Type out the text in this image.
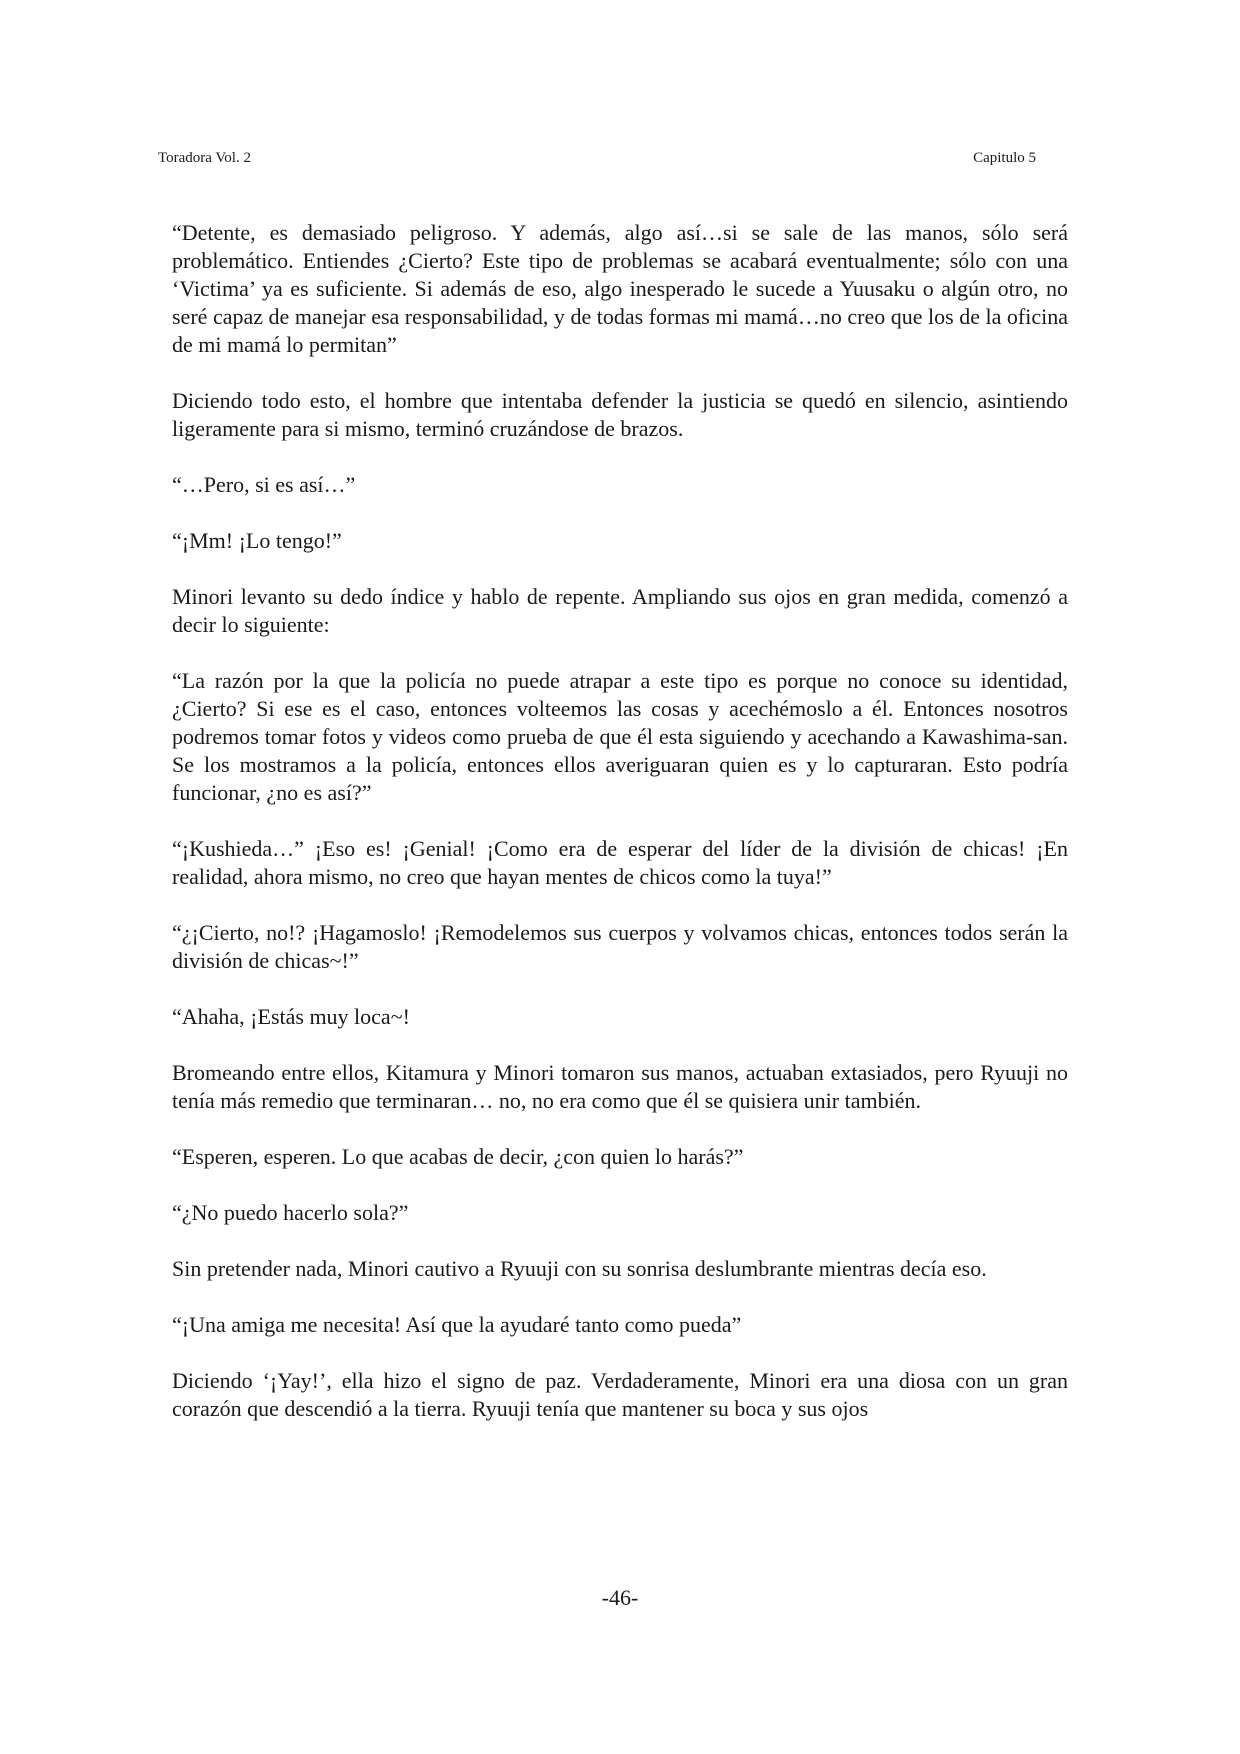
Toradora Vol. 2	Capitulo 5

“Detente, es demasiado peligroso. Y además, algo así…si se sale de las manos, sólo será problemático. Entiendes ¿Cierto? Este tipo de problemas se acabará eventualmente; sólo con una ‘Victima’ ya es suficiente. Si además de eso, algo inesperado le sucede a Yuusaku o algún otro, no seré capaz de manejar esa responsabilidad, y de todas formas mi mamá…no creo que los de la oficina de mi mamá lo permitan”

Diciendo todo esto, el hombre que intentaba defender la justicia se quedó en silencio, asintiendo ligeramente para si mismo, terminó cruzándose de brazos.

“…Pero, si es así…”

“¡Mm! ¡Lo tengo!”

Minori levanto su dedo índice y hablo de repente. Ampliando sus ojos en gran medida, comenzó a decir lo siguiente:

“La razón por la que la policía no puede atrapar a este tipo es porque no conoce su identidad, ¿Cierto? Si ese es el caso, entonces volteemos las cosas y acechémoslo a él. Entonces nosotros podremos tomar fotos y videos como prueba de que él esta siguiendo y acechando a Kawashima-san. Se los mostramos a la policía, entonces ellos averiguaran quien es y lo capturaran. Esto podría funcionar, ¿no es así?”

“¡Kushieda…” ¡Eso es! ¡Genial! ¡Como era de esperar del líder de la división de chicas! ¡En realidad, ahora mismo, no creo que hayan mentes de chicos como la tuya!”

“¿¡Cierto, no!? ¡Hagamoslo! ¡Remodelemos sus cuerpos y volvamos chicas, entonces todos serán la división de chicas~!”

“Ahaha, ¡Estás muy loca~!

Bromeando entre ellos, Kitamura y Minori tomaron sus manos, actuaban extasiados, pero Ryuuji no tenía más remedio que terminaran… no, no era como que él se quisiera unir también.

“Esperen, esperen. Lo que acabas de decir, ¿con quien lo harás?”

“¿No puedo hacerlo sola?”

Sin pretender nada, Minori cautivo a Ryuuji con su sonrisa deslumbrante mientras decía eso.

“¡Una amiga me necesita! Así que la ayudaré tanto como pueda”

Diciendo ‘¡Yay!’, ella hizo el signo de paz. Verdaderamente, Minori era una diosa con un gran corazón que descendió a la tierra. Ryuuji tenía que mantener su boca y sus ojos

-46-
